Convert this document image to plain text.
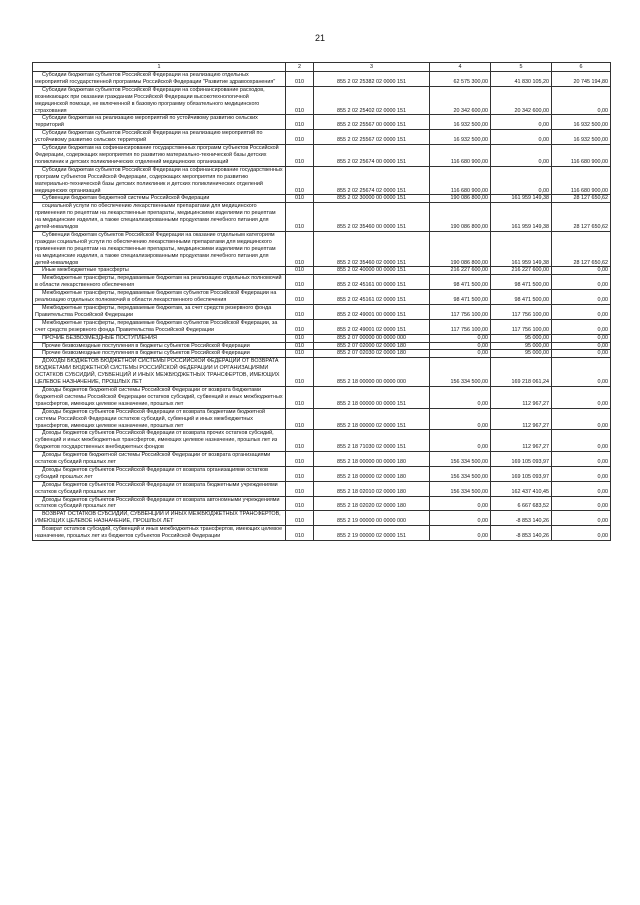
21
1	2	3	4	5	6

Субсидии бюджетам субъектов Российской Федерации на реализацию отдельных мероприятий государственной программы Российской Федерации "Развитие здравоохранения"	010	855 2 02 25382 02 0000 151	62 575 300,00	41 830 105,20	20 745 194,80

Субсидии бюджетам субъектов Российской Федерации на софинансирование расходов, возникающих при оказании гражданам Российской Федерации высокотехнологичной медицинской помощи, не включенной в базовую программу обязательного медицинского страхования	010	855 2 02 25402 02 0000 151	20 342 600,00	20 342 600,00	0,00

Субсидии бюджетам на реализацию мероприятий по устойчивому развитию сельских территорий	010	855 2 02 25567 00 0000 151	16 932 500,00	0,00	16 932 500,00

Субсидии бюджетам субъектов Российской Федерации на реализацию мероприятий по устойчивому развитию сельских территорий	010	855 2 02 25567 02 0000 151	16 932 500,00	0,00	16 932 500,00

Субсидии бюджетам на софинансирование государственных программ субъектов Российской Федерации, содержащих мероприятия по развитию материально-технической базы детских поликлиник и детских поликлинических отделений медицинских организаций	010	855 2 02 25674 00 0000 151	116 680 900,00	0,00	116 680 900,00

Субсидии бюджетам субъектов Российской Федерации на софинансирование государственных программ субъектов Российской Федерации, содержащих мероприятия по развитию материально-технической базы детских поликлиник и детских поликлинических отделений медицинских организаций	010	855 2 02 25674 02 0000 151	116 680 900,00	0,00	116 680 900,00

Субвенции бюджетам бюджетной системы Российской Федерации	010	855 2 02 30000 00 0000 151	190 086 800,00	161 959 149,38	28 127 650,62

социальной услуги по обеспечению лекарственными препаратами для медицинского применения по рецептам на лекарственные препараты, медицинскими изделиями по рецептам на медицинские изделия, а также специализированными продуктами лечебного питания для детей-инвалидов	010	855 2 02 35460 00 0000 151	190 086 800,00	161 959 149,38	28 127 650,62

Субвенции бюджетам субъектов Российской Федерации на оказание отдельным категориям граждан социальной услуги по обеспечению лекарственными препаратами для медицинского применения по рецептам на лекарственные препараты, медицинскими изделиями по рецептам на медицинские изделия, а также специализированными продуктами лечебного питания для детей-инвалидов	010	855 2 02 35460 02 0000 151	190 086 800,00	161 959 149,38	28 127 650,62

Иные межбюджетные трансферты	010	855 2 02 40000 00 0000 151	216 227 600,00	216 227 600,00	0,00

Межбюджетные трансферты, передаваемые бюджетам на реализацию отдельных полномочий в области лекарственного обеспечения	010	855 2 02 45161 00 0000 151	98 471 500,00	98 471 500,00	0,00

Межбюджетные трансферты, передаваемые бюджетам субъектов Российской Федерации на реализацию отдельных полномочий в области лекарственного обеспечения	010	855 2 02 45161 02 0000 151	98 471 500,00	98 471 500,00	0,00

Межбюджетные трансферты, передаваемые бюджетам, за счет средств резервного фонда Правительства Российской Федерации	010	855 2 02 49001 00 0000 151	117 756 100,00	117 756 100,00	0,00

Межбюджетные трансферты, передаваемые бюджетам субъектов Российской Федерации, за счет средств резервного фонда Правительства Российской Федерации	010	855 2 02 49001 02 0000 151	117 756 100,00	117 756 100,00	0,00

ПРОЧИЕ БЕЗВОЗМЕЗДНЫЕ ПОСТУПЛЕНИЯ	010	855 2 07 00000 00 0000 000	0,00	95 000,00	0,00

Прочие безвозмездные поступления в бюджеты субъектов Российской Федерации	010	855 2 07 02000 02 0000 180	0,00	95 000,00	0,00

Прочие безвозмездные поступления в бюджеты субъектов Российской Федерации	010	855 2 07 02030 02 0000 180	0,00	95 000,00	0,00

ДОХОДЫ БЮДЖЕТОВ БЮДЖЕТНОЙ СИСТЕМЫ РОССИЙСКОЙ ФЕДЕРАЦИИ ОТ ВОЗВРАТА БЮДЖЕТАМИ БЮДЖЕТНОЙ СИСТЕМЫ РОССИЙСКОЙ ФЕДЕРАЦИИ И ОРГАНИЗАЦИЯМИ ОСТАТКОВ СУБСИДИЙ, СУБВЕНЦИЙ И ИНЫХ МЕЖБЮДЖЕТНЫХ ТРАНСФЕРТОВ, ИМЕЮЩИХ ЦЕЛЕВОЕ НАЗНАЧЕНИЕ, ПРОШЛЫХ ЛЕТ	010	855 2 18 00000 00 0000 000	156 334 500,00	169 218 061,24	0,00

Доходы бюджетов бюджетной системы Российской Федерации от возврата бюджетами бюджетной системы Российской Федерации остатков субсидий, субвенций и иных межбюджетных трансфертов, имеющих целевое назначение, прошлых лет	010	855 2 18 00000 00 0000 151	0,00	112 967,27	0,00

Доходы бюджетов субъектов Российской Федерации от возврата бюджетами бюджетной системы Российской Федерации остатков субсидий, субвенций и иных межбюджетных трансфертов, имеющих целевое назначение, прошлых лет	010	855 2 18 00000 02 0000 151	0,00	112 967,27	0,00

Доходы бюджетов субъектов Российской Федерации от возврата прочих остатков субсидий, субвенций и иных межбюджетных трансфертов, имеющих целевое назначение, прошлых лет из бюджетов государственных внебюджетных фондов	010	855 2 18 71030 02 0000 151	0,00	112 967,27	0,00

Доходы бюджетов бюджетной системы Российской Федерации от возврата организациями остатков субсидий прошлых лет	010	855 2 18 00000 00 0000 180	156 334 500,00	169 105 093,97	0,00

Доходы бюджетов субъектов Российской Федерации от возврата организациями остатков субсидий прошлых лет	010	855 2 18 00000 02 0000 180	156 334 500,00	169 105 093,97	0,00

Доходы бюджетов субъектов Российской Федерации от возврата бюджетными учреждениями остатков субсидий прошлых лет	010	855 2 18 02010 02 0000 180	156 334 500,00	162 437 410,45	0,00

Доходы бюджетов субъектов Российской Федерации от возврата автономными учреждениями остатков субсидий прошлых лет	010	855 2 18 02020 02 0000 180	0,00	6 667 683,52	0,00

ВОЗВРАТ ОСТАТКОВ СУБСИДИЙ, СУБВЕНЦИЙ И ИНЫХ МЕЖБЮДЖЕТНЫХ ТРАНСФЕРТОВ, ИМЕЮЩИХ ЦЕЛЕВОЕ НАЗНАЧЕНИЕ, ПРОШЛЫХ ЛЕТ	010	855 2 19 00000 00 0000 000	0,00	-8 853 140,26	0,00

Возврат остатков субсидий, субвенций и иных межбюджетных трансфертов, имеющих целевое назначение, прошлых лет из бюджетов субъектов Российской Федерации	010	855 2 19 00000 02 0000 151	0,00	-8 853 140,26	0,00
